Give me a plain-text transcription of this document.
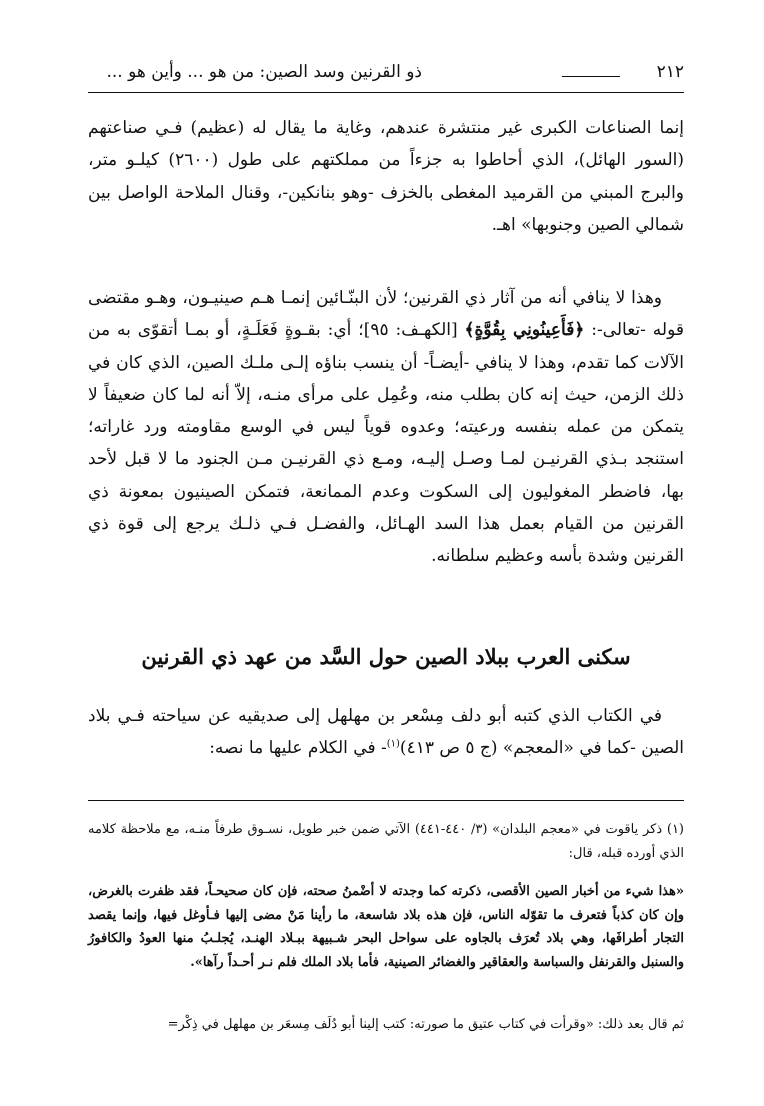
ذو القرنين وسد الصين: من هو ... وأين هو ...	٢١٢

إنما الصناعات الكبرى غير منتشرة عندهم، وغاية ما يقال له (عظيم) فـي صناعتهم (السور الهائل)، الذي أحاطوا به جزءاً من مملكتهم على طول (٢٦٠٠) كيلـو متر، والبرج المبني من القرميد المغطى بالخزف -وهو بنانكين-، وقنال الملاحة الواصل بين شمالي الصين وجنوبها» اهـ.

وهذا لا ينافي أنه من آثار ذي القرنين؛ لأن البنّـائين إنمـا هـم صينيـون، وهـو مقتضى قوله -تعالى-: ﴿فَأَعِينُونِي بِقُوَّةٍ﴾ [الكهـف: ٩٥]؛ أي: بقـوةٍ فَعَلَـةٍ، أو بمـا أتقوّى به من الآلات كما تقدم، وهذا لا ينافي -أيضـاً- أن ينسب بناؤه إلـى ملـك الصين، الذي كان في ذلك الزمن، حيث إنه كان بطلب منه، وعُمِل على مرأى منـه، إلاّ أنه لما كان ضعيفاً لا يتمكن من عمله بنفسه ورعيته؛ وعدوه قوياً ليس في الوسع مقاومته ورد غاراته؛ استنجد بـذي القرنيـن لمـا وصـل إليـه، ومـع ذي القرنيـن مـن الجنود ما لا قبل لأحد بها، فاضطر المغوليون إلى السكوت وعدم الممانعة، فتمكن الصينيون بمعونة ذي القرنين من القيام بعمل هذا السد الهـائل، والفضـل فـي ذلـك يرجع إلى قوة ذي القرنين وشدة بأسه وعظيم سلطانه.

سكنى العرب ببلاد الصين حول السَّد من عهد ذي القرنين

في الكتاب الذي كتبه أبو دلف مِسْعر بن مهلهل إلى صديقيه عن سياحته فـي بلاد الصين -كما في «المعجم» (ج ٥ ص ٤١٣)$^{(١)}$- في الكلام عليها ما نصه:

(١) ذكر ياقوت في «معجم البلدان» (٣/ ٤٤٠-٤٤١) الآتي ضمن خبر طويل، نسـوق طرفاً منـه، مع ملاحظة كلامه الذي أورده قبله، قال:

«هذا شيء من أخبار الصين الأقصى، ذكرته كما وجدته لا أضْمنُ صحته، فإن كان صحيحـاً، فقد ظفرت بالغرض، وإن كان كذباً فتعرف ما تقوّله الناس، فإن هذه بلاد شاسعة، ما رأينا مَنْ مضى إليها فـأوغل فيها، وإنما يقصد التجار أطرافَها، وهي بلاد تُعرَف بالجاوه على سواحل البحر شـبيهة ببـلاد الهنـد، يُجلـبُ منها العودُ والكافورُ والسنبل والقرنفل والسباسة والعقاقير والغضائر الصينية، فأما بلاد الملك فلم نـر أحـداً رآها».

ثم قال بعد ذلك: «وقرأت في كتاب عتيق ما صورته: كتب إلينا أبو دُلَف مِسعَر بن مهلهل في ذِكْر=
